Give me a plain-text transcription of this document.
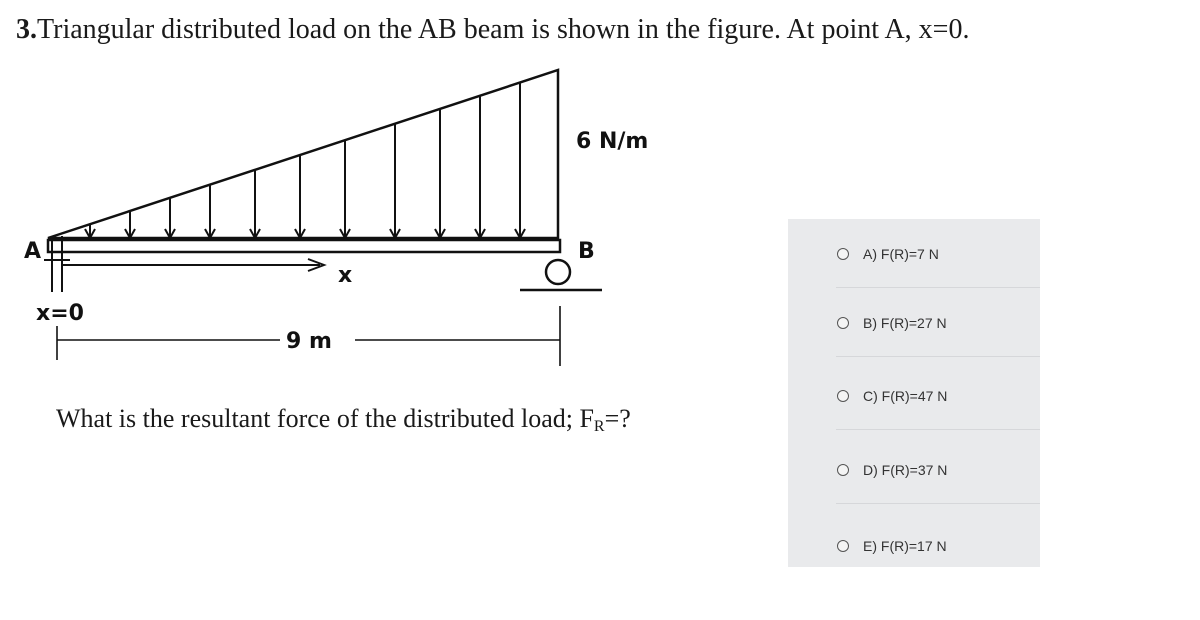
3.Triangular distributed load on the AB beam is shown in the figure. At point A, x=0.
6 N/m
A	B
x
x=0
9 m
What is the resultant force of the distributed load; $F_R=$?
A) F(R)=7 N
B) F(R)=27 N
C) F(R)=47 N
D) F(R)=37 N
E) F(R)=17 N
